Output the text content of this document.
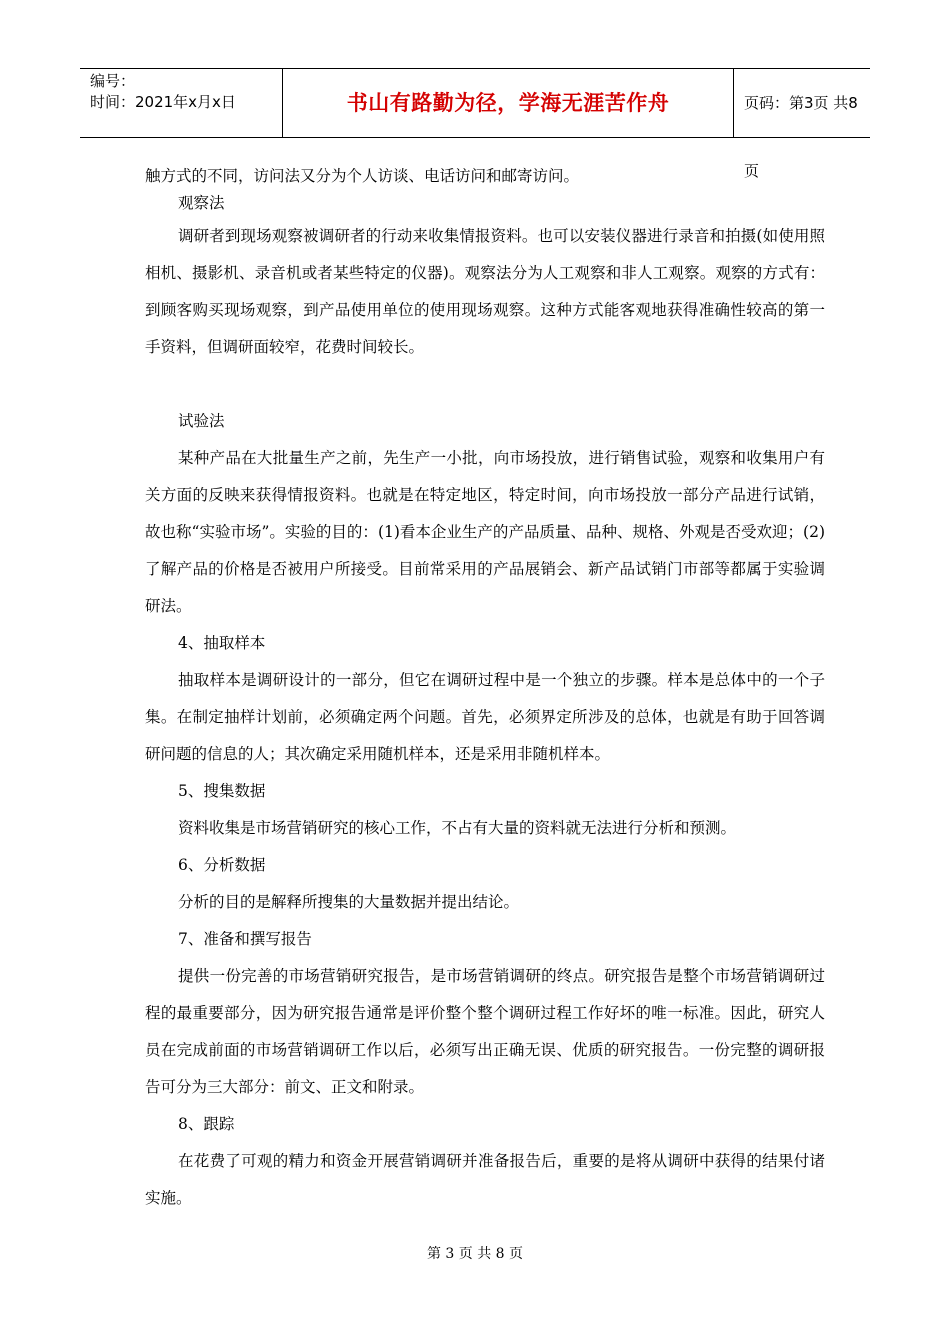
编号：
时间：2021年x月x日	书山有路勤为径，学海无涯苦作舟	页码：第3页 共8页

触方式的不同，访问法又分为个人访谈、电话访问和邮寄访问。

观察法

调研者到现场观察被调研者的行动来收集情报资料。也可以安装仪器进行录音和拍摄(如使用照相机、摄影机、录音机或者某些特定的仪器)。观察法分为人工观察和非人工观察。观察的方式有：到顾客购买现场观察，到产品使用单位的使用现场观察。这种方式能客观地获得准确性较高的第一手资料，但调研面较窄，花费时间较长。

试验法

某种产品在大批量生产之前，先生产一小批，向市场投放，进行销售试验，观察和收集用户有关方面的反映来获得情报资料。也就是在特定地区，特定时间，向市场投放一部分产品进行试销，故也称“实验市场”。实验的目的：(1)看本企业生产的产品质量、品种、规格、外观是否受欢迎；(2)了解产品的价格是否被用户所接受。目前常采用的产品展销会、新产品试销门市部等都属于实验调研法。

4、抽取样本

抽取样本是调研设计的一部分，但它在调研过程中是一个独立的步骤。样本是总体中的一个子集。在制定抽样计划前，必须确定两个问题。首先，必须界定所涉及的总体，也就是有助于回答调研问题的信息的人；其次确定采用随机样本，还是采用非随机样本。

5、搜集数据

资料收集是市场营销研究的核心工作，不占有大量的资料就无法进行分析和预测。

6、分析数据

分析的目的是解释所搜集的大量数据并提出结论。

7、准备和撰写报告

提供一份完善的市场营销研究报告，是市场营销调研的终点。研究报告是整个市场营销调研过程的最重要部分，因为研究报告通常是评价整个整个调研过程工作好坏的唯一标准。因此，研究人员在完成前面的市场营销调研工作以后，必须写出正确无误、优质的研究报告。一份完整的调研报告可分为三大部分：前文、正文和附录。

8、跟踪

在花费了可观的精力和资金开展营销调研并准备报告后，重要的是将从调研中获得的结果付诸实施。

第 3 页 共 8 页
